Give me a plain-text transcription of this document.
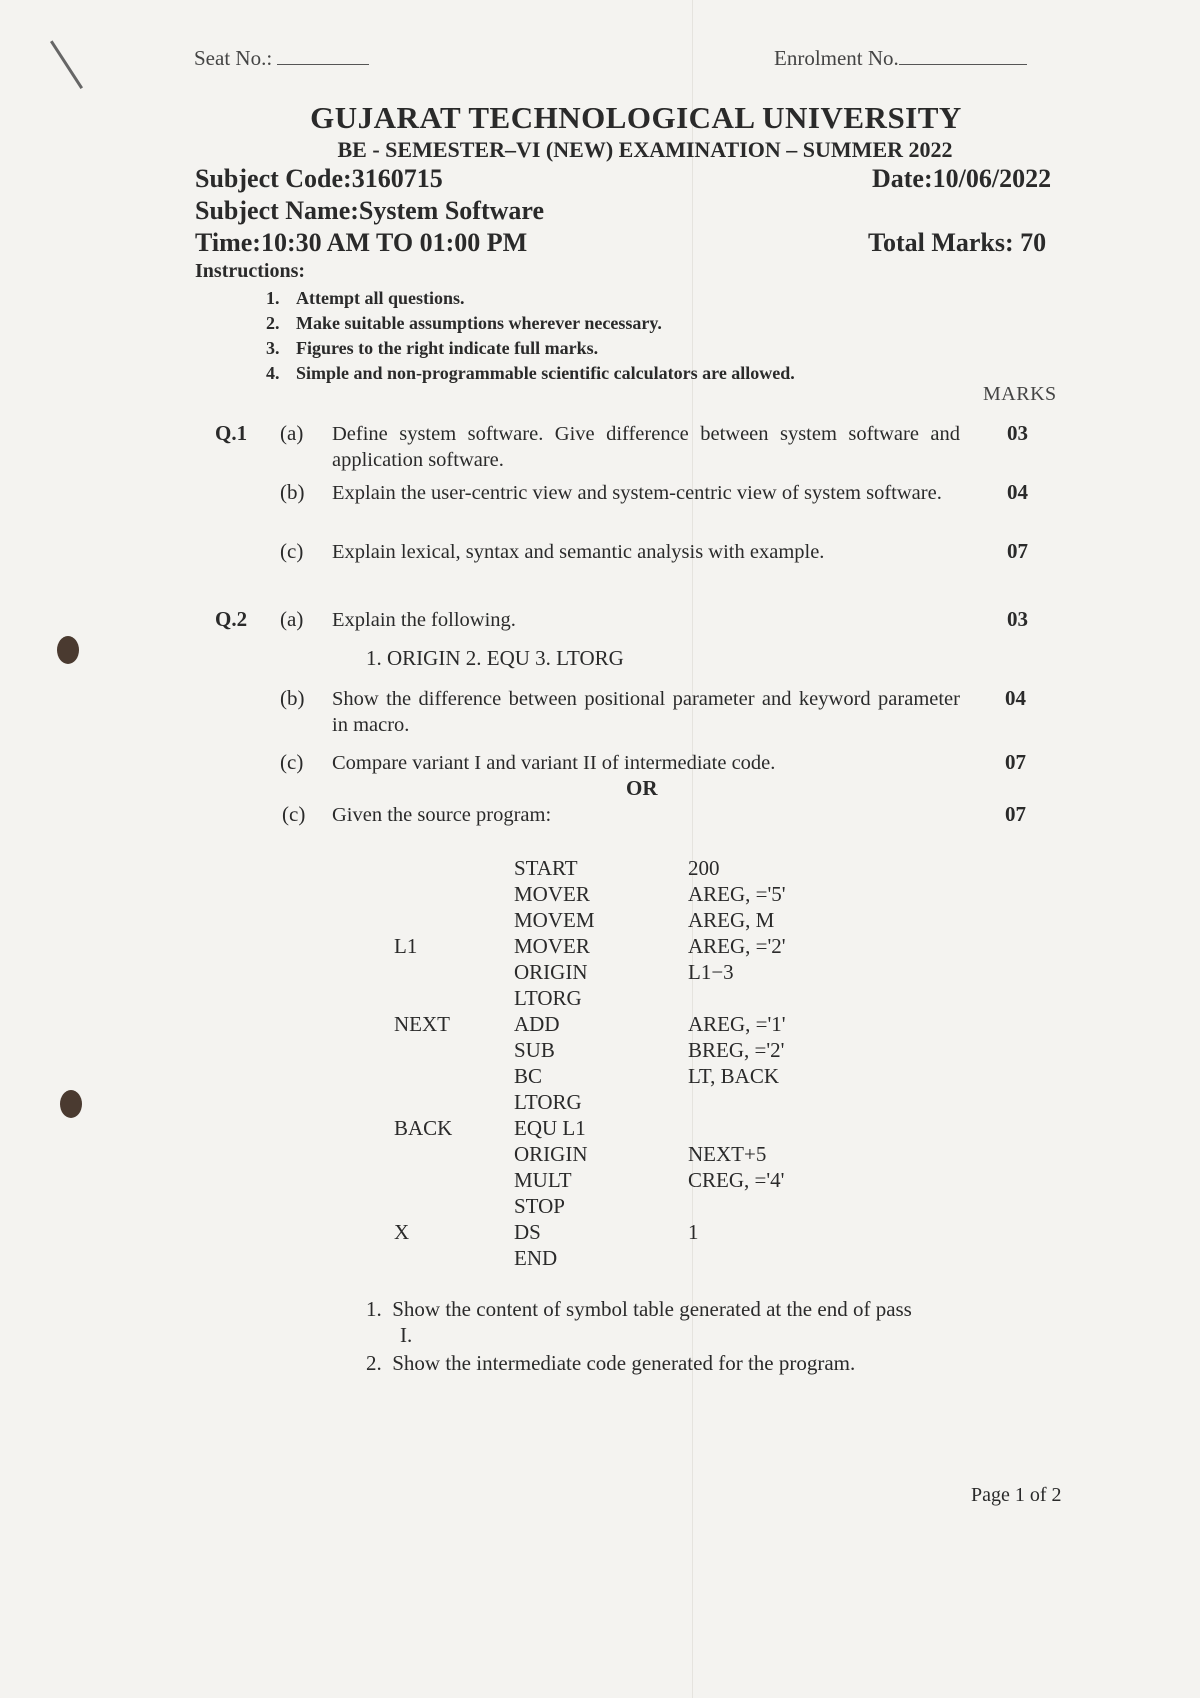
Seat No.:	Enrolment No.
GUJARAT TECHNOLOGICAL UNIVERSITY
BE - SEMESTER–VI (NEW) EXAMINATION – SUMMER 2022
Subject Code:3160715	Date:10/06/2022
Subject Name:System Software
Time:10:30 AM TO 01:00 PM	Total Marks: 70
Instructions:
1. Attempt all questions.
2. Make suitable assumptions wherever necessary.
3. Figures to the right indicate full marks.
4. Simple and non-programmable scientific calculators are allowed.
MARKS
Q.1 (a) Define system software. Give difference between system software and application software.
03
(b) Explain the user-centric view and system-centric view of system software.	04
(c) Explain lexical, syntax and semantic analysis with example.	07
Q.2 (a) Explain the following.	03
1. ORIGIN 2. EQU 3. LTORG
(b) Show the difference between positional parameter and keyword parameter in macro.
04
(c) Compare variant I and variant II of intermediate code.	07
OR
(c) Given the source program:	07
START	200
MOVER	AREG, ='5'
MOVEM	AREG, M
L1	MOVER	AREG, ='2'
ORIGIN	L1−3
LTORG
NEXT	ADD	AREG, ='1'
SUB	BREG, ='2'
BC	LT, BACK
LTORG
BACK	EQU L1
ORIGIN	NEXT+5
MULT	CREG, ='4'
STOP
X	DS	1
END
1. Show the content of symbol table generated at the end of pass
I.
2. Show the intermediate code generated for the program.
Page 1 of 2
